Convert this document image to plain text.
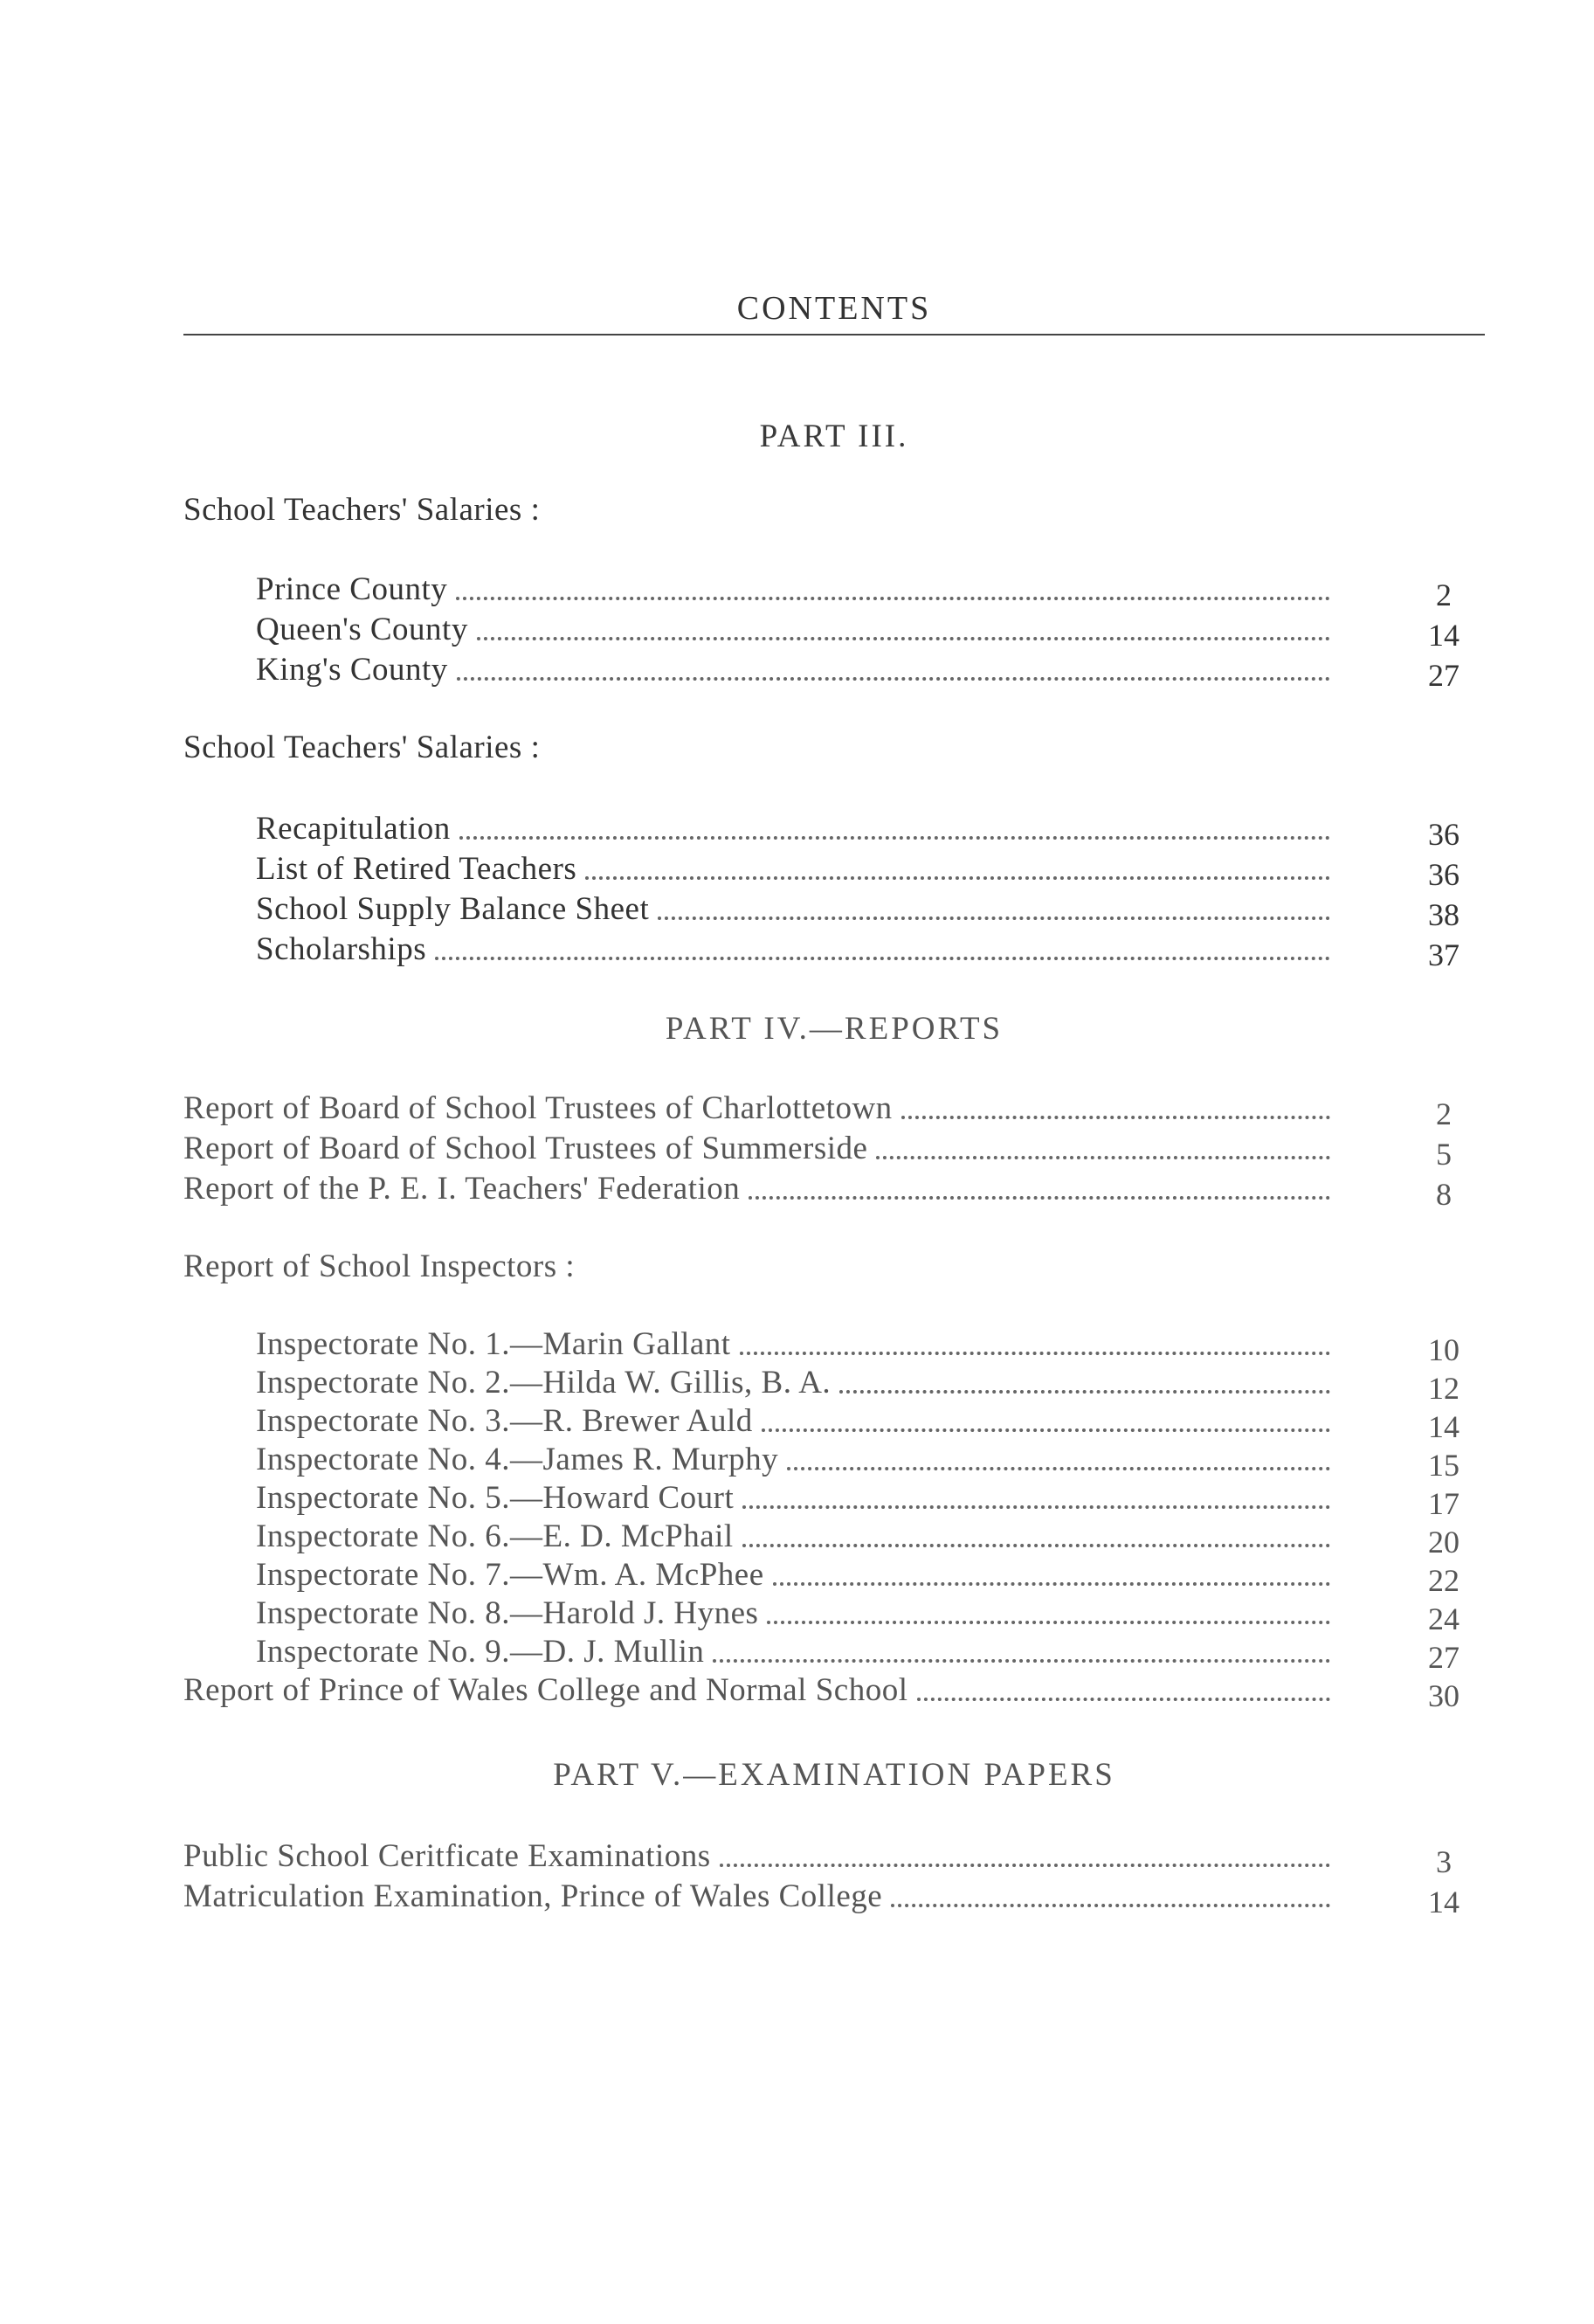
CONTENTS
PART III.
School Teachers' Salaries :
Prince County	2
Queen's County	14
King's County	27
School Teachers' Salaries :
Recapitulation	36
List of Retired Teachers	36
School Supply Balance Sheet	38
Scholarships	37
PART IV.—REPORTS
Report of Board of School Trustees of Charlottetown	2
Report of Board of School Trustees of Summerside	5
Report of the P. E. I. Teachers' Federation	8
Report of School Inspectors :
Inspectorate No. 1.—Marin Gallant	10
Inspectorate No. 2.—Hilda W. Gillis, B. A.	12
Inspectorate No. 3.—R. Brewer Auld	14
Inspectorate No. 4.—James R. Murphy	15
Inspectorate No. 5.—Howard Court	17
Inspectorate No. 6.—E. D. McPhail	20
Inspectorate No. 7.—Wm. A. McPhee	22
Inspectorate No. 8.—Harold J. Hynes	24
Inspectorate No. 9.—D. J. Mullin	27
Report of Prince of Wales College and Normal School	30
PART V.—EXAMINATION PAPERS
Public School Ceritficate Examinations	3
Matriculation Examination, Prince of Wales College	14
